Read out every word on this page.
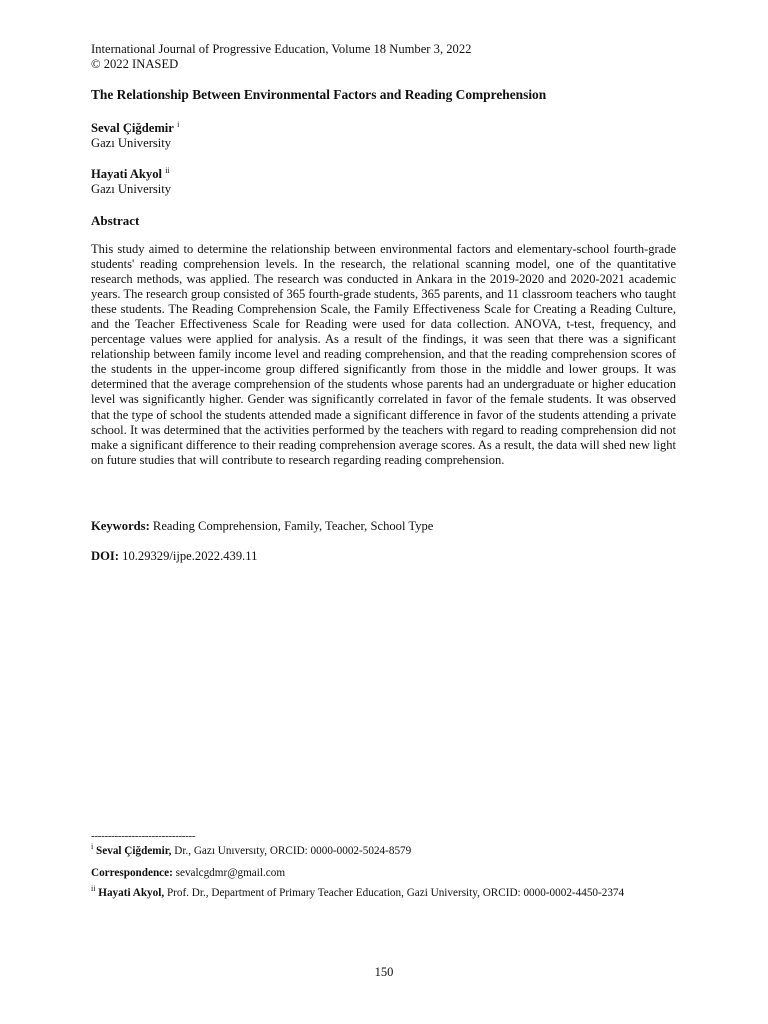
International Journal of Progressive Education, Volume 18 Number 3, 2022
© 2022 INASED
The Relationship Between Environmental Factors and Reading Comprehension
Seval Çiğdemir $^i$
Gazı University
Hayati Akyol $^{ii}$
Gazı University
Abstract

This study aimed to determine the relationship between environmental factors and elementary-school fourth-grade students' reading comprehension levels. In the research, the relational scanning model, one of the quantitative research methods, was applied. The research was conducted in Ankara in the 2019-2020 and 2020-2021 academic years. The research group consisted of 365 fourth-grade students, 365 parents, and 11 classroom teachers who taught these students. The Reading Comprehension Scale, the Family Effectiveness Scale for Creating a Reading Culture, and the Teacher Effectiveness Scale for Reading were used for data collection. ANOVA, t-test, frequency, and percentage values were applied for analysis. As a result of the findings, it was seen that there was a significant relationship between family income level and reading comprehension, and that the reading comprehension scores of the students in the upper-income group differed significantly from those in the middle and lower groups. It was determined that the average comprehension of the students whose parents had an undergraduate or higher education level was significantly higher. Gender was significantly correlated in favor of the female students. It was observed that the type of school the students attended made a significant difference in favor of the students attending a private school. It was determined that the activities performed by the teachers with regard to reading comprehension did not make a significant difference to their reading comprehension average scores. As a result, the data will shed new light on future studies that will contribute to research regarding reading comprehension.

Keywords: Reading Comprehension, Family, Teacher, School Type
DOI: 10.29329/ijpe.2022.439.11
-------------------------------
$^i$ Seval Çiğdemir, Dr., Gazı Unıversıty, ORCID: 0000-0002-5024-8579
Correspondence: sevalcgdmr@gmail.com
$^{ii}$ Hayati Akyol, Prof. Dr., Department of Primary Teacher Education, Gazi University, ORCID: 0000-0002-4450-2374
150
